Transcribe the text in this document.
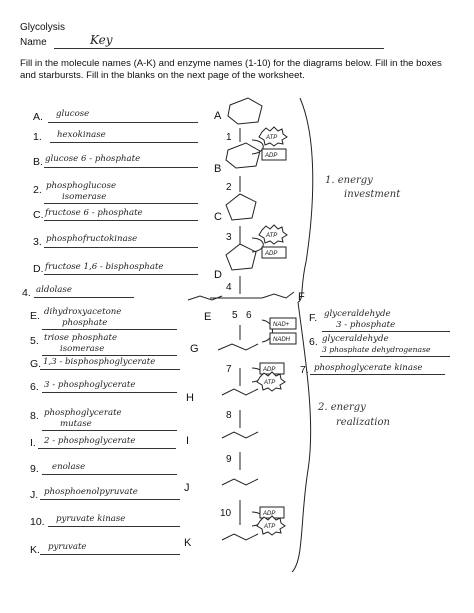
Glycolysis
Name	Key
Fill in the molecule names (A-K) and enzyme names (1-10) for the diagrams below. Fill in the boxes and starbursts. Fill in the blanks on the next page of the worksheet.
A. glucose
1. hexokinase
B. glucose 6 - phosphate
2. phosphoglucose
isomerase
C. fructose 6 - phosphate
3. phosphofructokinase
D. fructose 1,6 - bisphosphate
4. aldolase
E. dihydroxyacetone
phosphate
5. triose phosphate
isomerase
G. 1,3 - bisphosphoglycerate
6. 3 - phosphoglycerate
8. phosphoglycerate
mutase
I. 2 - phosphoglycerate
9. enolase
J. phosphoenolpyruvate
10. pyruvate kinase
K. pyruvate
F. glyceraldehyde
3 - phosphate
6. glyceraldehyde
3 phosphate dehydrogenase
7. phosphoglycerate kinase
1. energy
investment
2. energy
realization
A
B
C
D
E
F
G
H
I
J
K
1
2
3
4
5 6
7
8
9
10
ADP
ADP
NAD+
NADH
ADP
ADP
ATP
ATP
ATP
ATP
